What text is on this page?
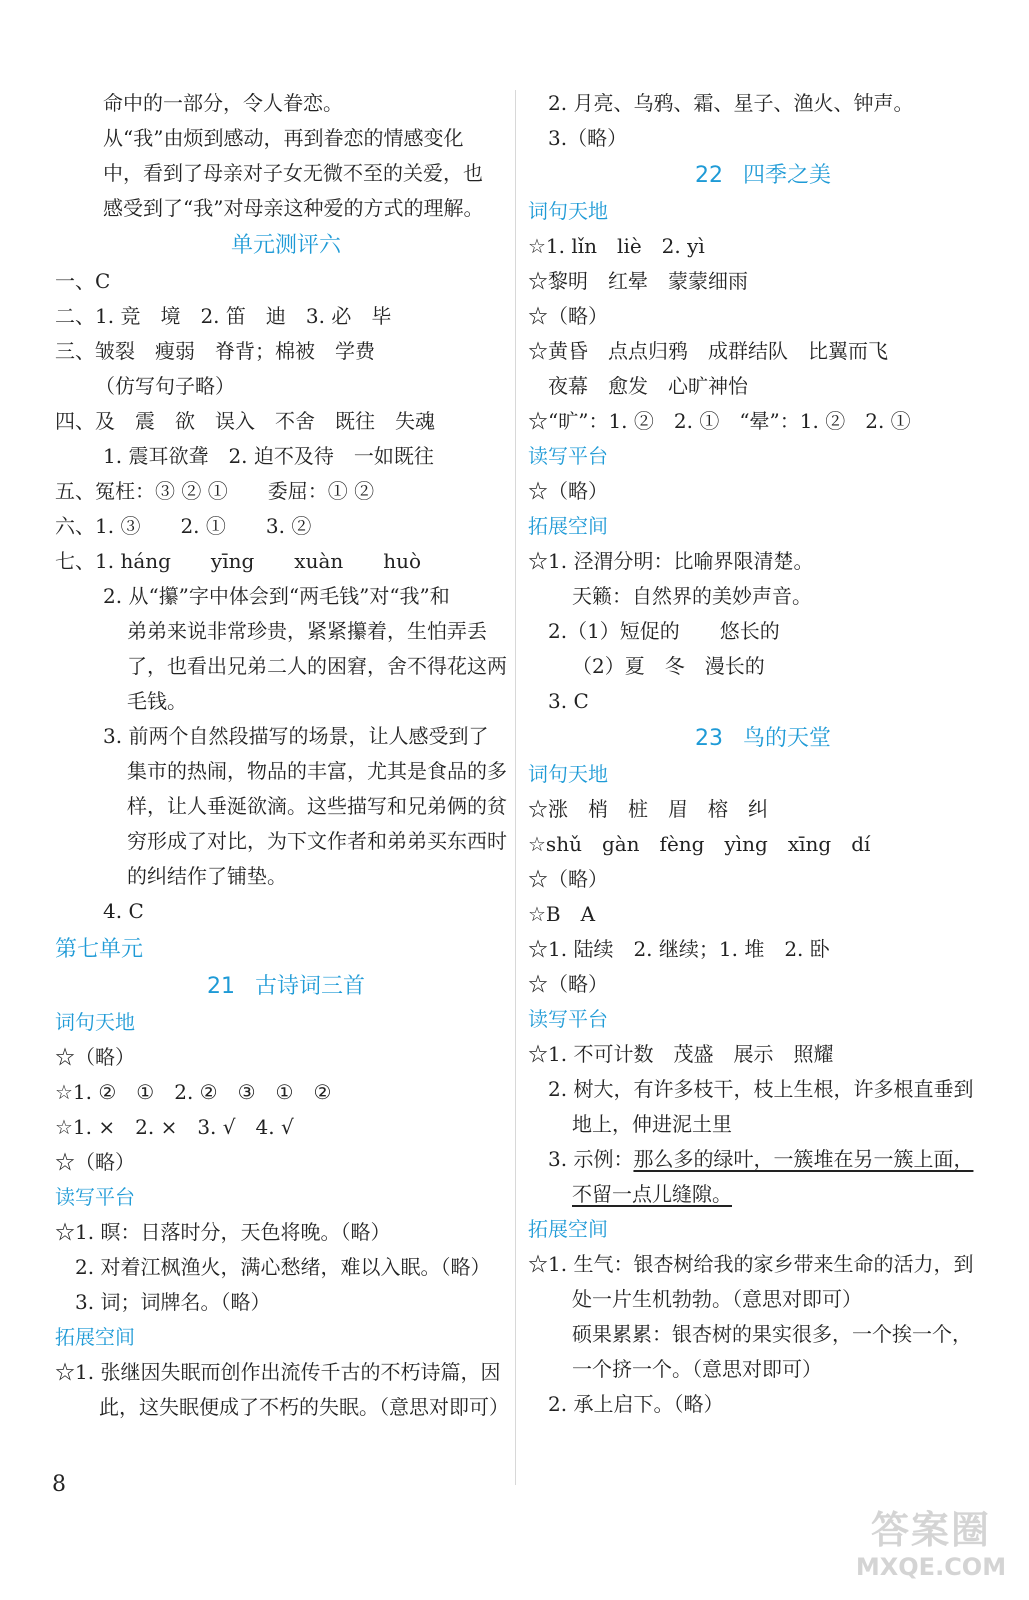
命中的一部分，令人眷恋。
从“我”由烦到感动，再到眷恋的情感变化
中，看到了母亲对子女无微不至的关爱，也
感受到了“我”对母亲这种爱的方式的理解。
单元测评六
一、C
二、1. 竞　境　2. 笛　迪　3. 必　毕
三、皱裂　瘦弱　脊背；棉被　学费
（仿写句子略）
四、及　震　欲　误入　不舍　既往　失魂
1. 震耳欲聋　2. 迫不及待　一如既往
五、冤枉：③ ② ①　　委屈：① ②
六、1. ③　　2. ①　　3. ②
七、1. háng　　yīng　　xuàn　　huò
2. 从“攥”字中体会到“两毛钱”对“我”和
弟弟来说非常珍贵，紧紧攥着，生怕弄丢
了，也看出兄弟二人的困窘，舍不得花这两
毛钱。
3. 前两个自然段描写的场景，让人感受到了
集市的热闹，物品的丰富，尤其是食品的多
样，让人垂涎欲滴。这些描写和兄弟俩的贫
穷形成了对比，为下文作者和弟弟买东西时
的纠结作了铺垫。
4. C
第七单元
21 古诗词三首
词句天地
☆（略）
☆1. ②　①　2. ②　③　①　②
☆1. ×　2. ×　3. √　4. √
☆（略）
读写平台
☆1. 暝：日落时分，天色将晚。（略）
2. 对着江枫渔火，满心愁绪，难以入眠。（略）
3. 词；词牌名。（略）
拓展空间
☆1. 张继因失眠而创作出流传千古的不朽诗篇，因
此，这失眠便成了不朽的失眠。（意思对即可）
2. 月亮、乌鸦、霜、星子、渔火、钟声。
3.（略）
22 四季之美
词句天地
☆1. lǐn　liè　2. yì
☆黎明　红晕　蒙蒙细雨
☆（略）
☆黄昏　点点归鸦　成群结队　比翼而飞
夜幕　愈发　心旷神怡
☆“旷”：1. ②　2. ①　“晕”：1. ②　2. ①
读写平台
☆（略）
拓展空间
☆1. 泾渭分明：比喻界限清楚。
天籁：自然界的美妙声音。
2.（1）短促的　　悠长的
（2）夏　冬　漫长的
3. C
23 鸟的天堂
词句天地
☆涨　梢　桩　眉　榕　纠
☆shǔ　gàn　fèng　yìng　xīng　dí
☆（略）
☆B　A
☆1. 陆续　2. 继续；1. 堆　2. 卧
☆（略）
读写平台
☆1. 不可计数　茂盛　展示　照耀
2. 树大，有许多枝干，枝上生根，许多根直垂到
地上，伸进泥土里
3. 示例：那么多的绿叶，一簇堆在另一簇上面，
不留一点儿缝隙。
拓展空间
☆1. 生气：银杏树给我的家乡带来生命的活力，到
处一片生机勃勃。（意思对即可）
硕果累累：银杏树的果实很多，一个挨一个，
一个挤一个。（意思对即可）
2. 承上启下。（略）
8
答案圈
MXQE.COM
